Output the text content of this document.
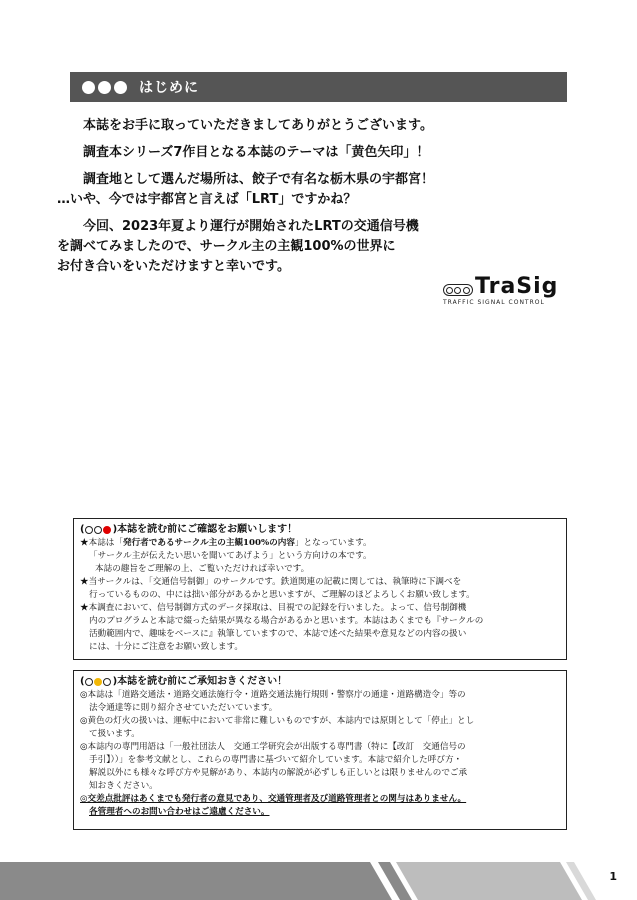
はじめに

本誌をお手に取っていただきましてありがとうございます。

調査本シリーズ7作目となる本誌のテーマは「黄色矢印」！

調査地として選んだ場所は、餃子で有名な栃木県の宇都宮！
…いや、今では宇都宮と言えば「LRT」ですかね？

今回、2023年夏より運行が開始されたLRTの交通信号機
を調べてみましたので、サークル主の主観100%の世界に
お付き合いをいただけますと幸いです。

TraSig
TRAFFIC SIGNAL CONTROL
(	) 本誌を読む前にご確認をお願いします！
★本誌は「発行者であるサークル主の主観100%の内容」となっています。
「サークル主が伝えたい思いを聞いてあげよう」という方向けの本です。
本誌の趣旨をご理解の上、ご覧いただければ幸いです。
★当サークルは、「交通信号制御」のサークルです。鉄道関連の記載に関しては、執筆時に下調べを
行っているものの、中には拙い部分があるかと思いますが、ご理解のほどよろしくお願い致します。
★本調査において、信号制御方式のデータ採取は、目視での記録を行いました。よって、信号制御機
内のプログラムと本誌で綴った結果が異なる場合があるかと思います。本誌はあくまでも『サークルの
活動範囲内で、趣味をベースに』執筆していますので、本誌で述べた結果や意見などの内容の扱い
には、十分にご注意をお願い致します。
(	) 本誌を読む前にご承知おきください！
◎本誌は「道路交通法・道路交通法施行令・道路交通法施行規則・警察庁の通達・道路構造令」等の
法令通達等に則り紹介させていただいています。
◎黄色の灯火の扱いは、運転中において非常に難しいものですが、本誌内では原則として「停止」とし
て扱います。
◎本誌内の専門用語は「一般社団法人　交通工学研究会が出版する専門書（特に【改訂　交通信号の
手引】））」を参考文献とし、これらの専門書に基づいて紹介しています。本誌で紹介した呼び方・
解説以外にも様々な呼び方や見解があり、本誌内の解説が必ずしも正しいとは限りませんのでご承
知おきください。
◎交差点批評はあくまでも発行者の意見であり、交通管理者及び道路管理者との関与はありません。
各管理者へのお問い合わせはご遠慮ください。
1
